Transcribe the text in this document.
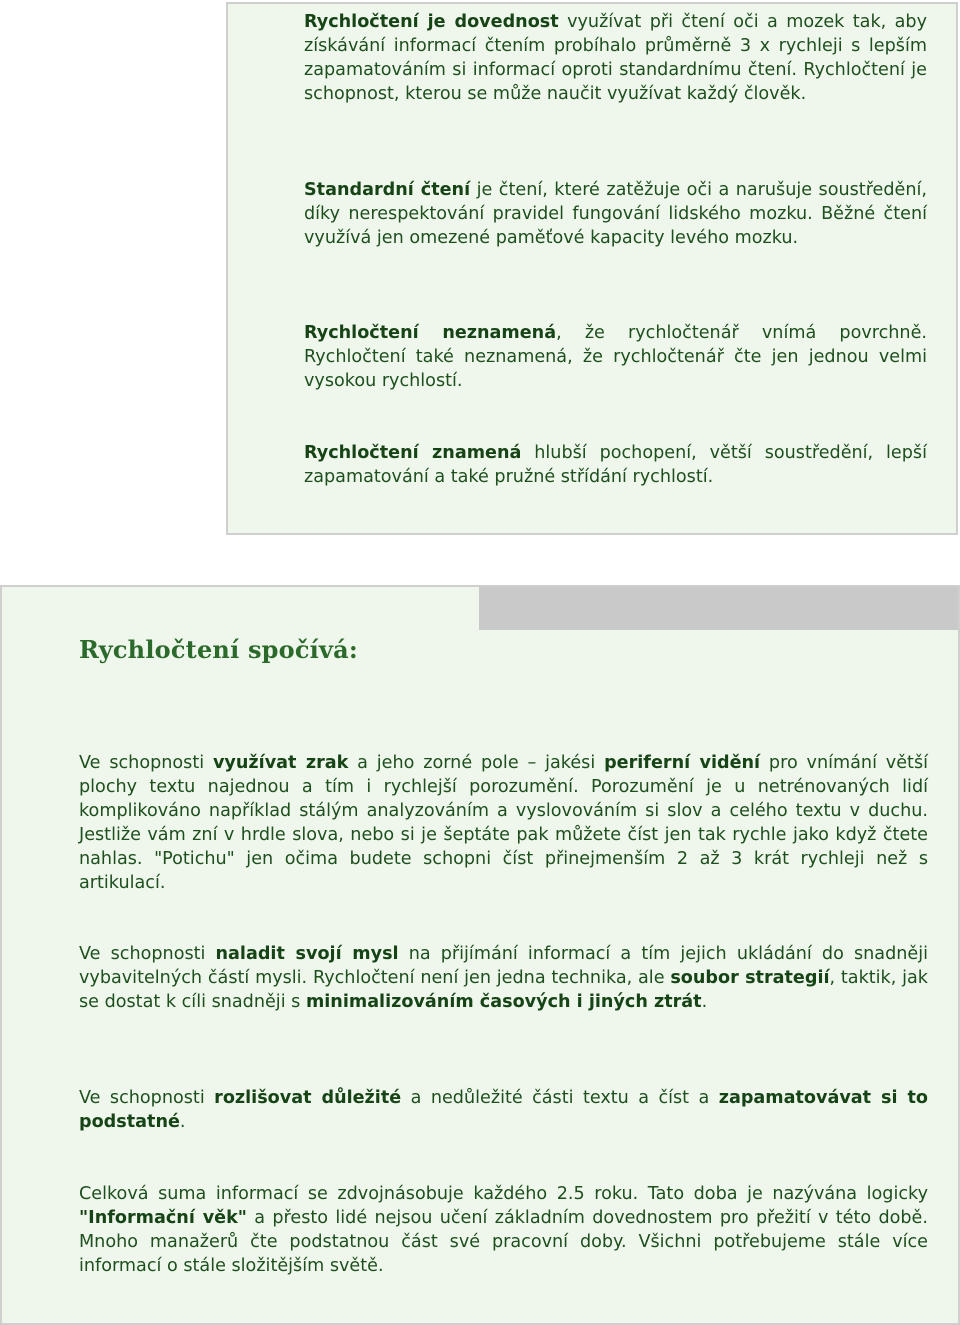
Rychločtení je dovednost využívat při čtení oči a mozek tak, aby získávání informací čtením probíhalo průměrně 3 x rychleji s lepším zapamatováním si informací oproti standardnímu čtení. Rychločtení je schopnost, kterou se může naučit využívat každý člověk.

Standardní čtení je čtení, které zatěžuje oči a narušuje soustředění, díky nerespektování pravidel fungování lidského mozku. Běžné čtení využívá jen omezené paměťové kapacity levého mozku.

Rychločtení neznamená, že rychločtenář vnímá povrchně. Rychločtení také neznamená, že rychločtenář čte jen jednou velmi vysokou rychlostí.

Rychločtení znamená hlubší pochopení, větší soustředění, lepší zapamatování a také pružné střídání rychlostí.

Rychločtení spočívá:

Ve schopnosti využívat zrak a jeho zorné pole – jakési periferní vidění pro vnímání větší plochy textu najednou a tím i rychlejší porozumění. Porozumění je u netrénovaných lidí komplikováno například stálým analyzováním a vyslovováním si slov a celého textu v duchu. Jestliže vám zní v hrdle slova, nebo si je šeptáte pak můžete číst jen tak rychle jako když čtete nahlas. "Potichu" jen očima budete schopni číst přinejmenším 2 až 3 krát rychleji než s artikulací.

Ve schopnosti naladit svojí mysl na přijímání informací a tím jejich ukládání do snadněji vybavitelných částí mysli. Rychločtení není jen jedna technika, ale soubor strategií, taktik, jak se dostat k cíli snadněji s minimalizováním časových i jiných ztrát.

Ve schopnosti rozlišovat důležité a nedůležité části textu a číst a zapamatovávat si to podstatné.

Celková suma informací se zdvojnásobuje každého 2.5 roku. Tato doba je nazývána logicky "Informační věk" a přesto lidé nejsou učení základním dovednostem pro přežití v této době. Mnoho manažerů čte podstatnou část své pracovní doby. Všichni potřebujeme stále více informací o stále složitějším světě.
